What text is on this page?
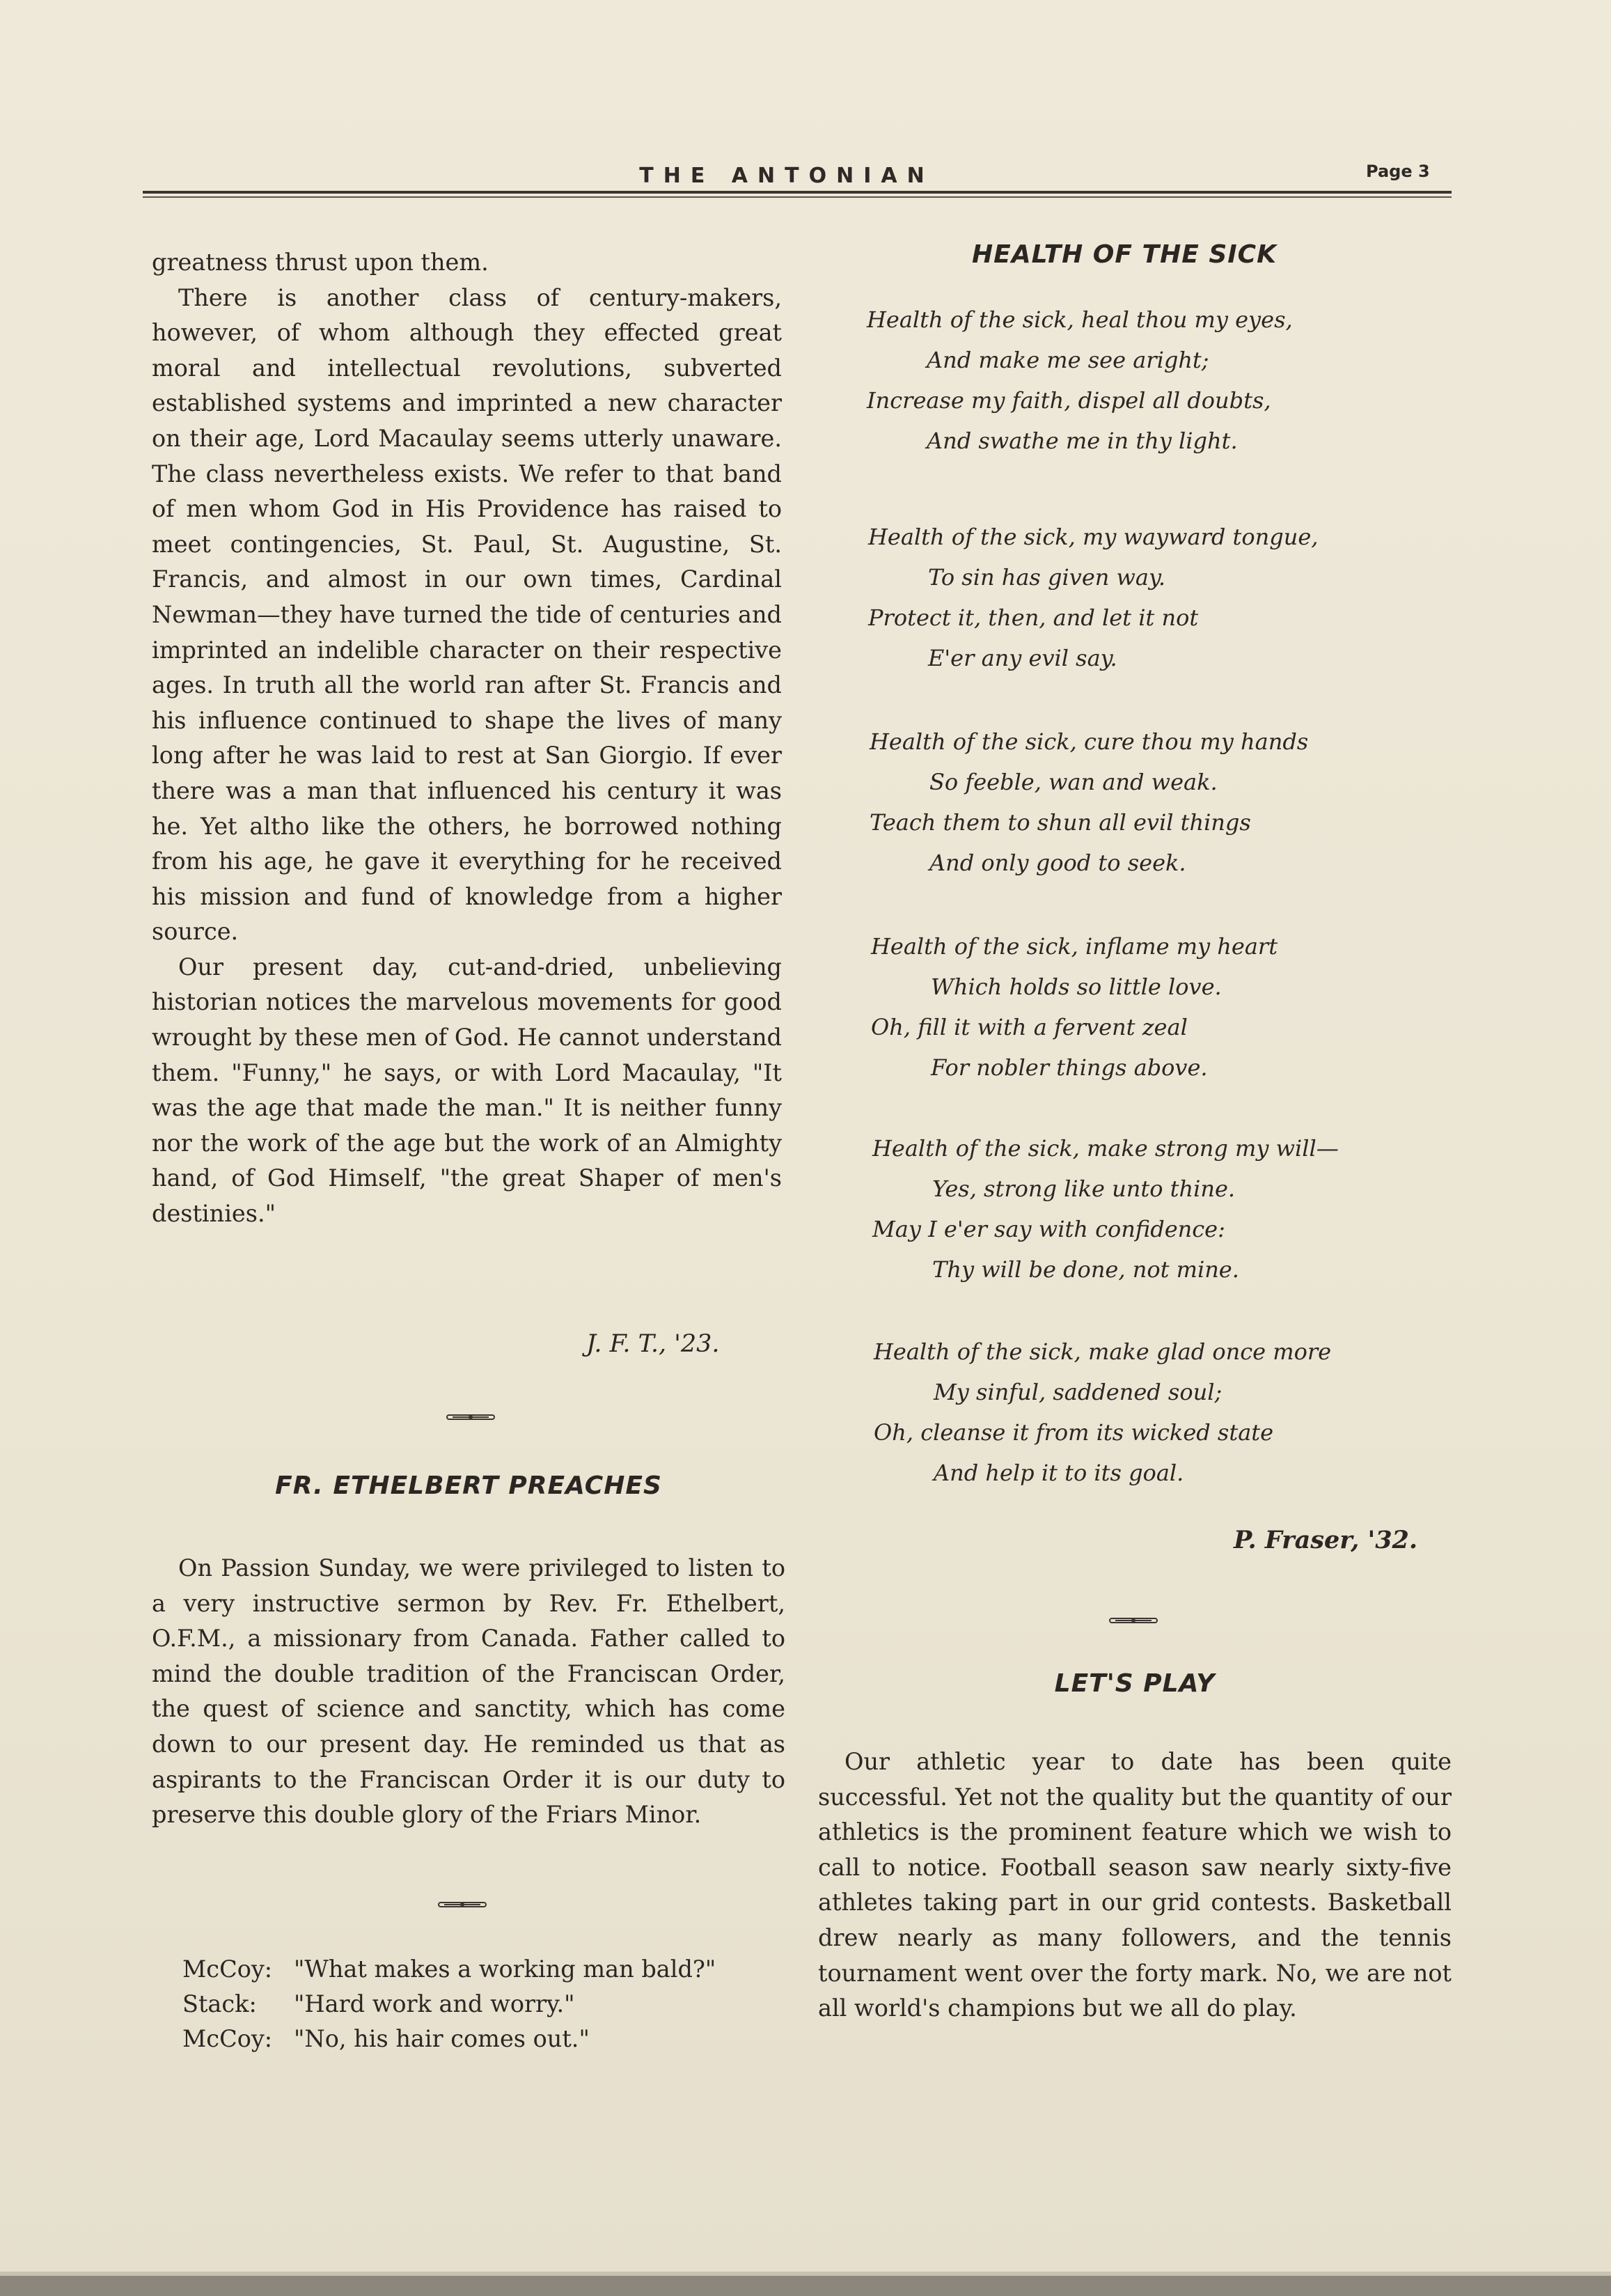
THE ANTONIAN	Page 3

greatness thrust upon them.

There is another class of century-makers, however, of whom although they effected great moral and intellectual revolutions, subverted established systems and imprinted a new character on their age, Lord Macaulay seems utterly unaware. The class nevertheless exists. We refer to that band of men whom God in His Providence has raised to meet contingencies, St. Paul, St. Augustine, St. Francis, and almost in our own times, Cardinal Newman—they have turned the tide of centuries and imprinted an indelible character on their respective ages. In truth all the world ran after St. Francis and his influence continued to shape the lives of many long after he was laid to rest at San Giorgio. If ever there was a man that influenced his century it was he. Yet altho like the others, he borrowed nothing from his age, he gave it everything for he received his mission and fund of knowledge from a higher source.

Our present day, cut-and-dried, unbelieving historian notices the marvelous movements for good wrought by these men of God. He cannot understand them. "Funny," he says, or with Lord Macaulay, "It was the age that made the man." It is neither funny nor the work of the age but the work of an Almighty hand, of God Himself, "the great Shaper of men's destinies."

J. F. T., '23.
FR. ETHELBERT PREACHES

On Passion Sunday, we were privileged to listen to a very instructive sermon by Rev. Fr. Ethelbert, O.F.M., a missionary from Canada. Father called to mind the double tradition of the Franciscan Order, the quest of science and sanctity, which has come down to our present day. He reminded us that as aspirants to the Franciscan Order it is our duty to preserve this double glory of the Friars Minor.

McCoy: "What makes a working man bald?"
Stack: "Hard work and worry."
McCoy: "No, his hair comes out."
HEALTH OF THE SICK
Health of the sick, heal thou my eyes,
And make me see aright;
Increase my faith, dispel all doubts,
And swathe me in thy light.
Health of the sick, my wayward tongue,
To sin has given way.
Protect it, then, and let it not
E'er any evil say.
Health of the sick, cure thou my hands
So feeble, wan and weak.
Teach them to shun all evil things
And only good to seek.
Health of the sick, inflame my heart
Which holds so little love.
Oh, fill it with a fervent zeal
For nobler things above.
Health of the sick, make strong my will—
Yes, strong like unto thine.
May I e'er say with confidence:
Thy will be done, not mine.
Health of the sick, make glad once more
My sinful, saddened soul;
Oh, cleanse it from its wicked state
And help it to its goal.
P. Fraser, '32.
LET'S PLAY

Our athletic year to date has been quite successful. Yet not the quality but the quantity of our athletics is the prominent feature which we wish to call to notice. Football season saw nearly sixty-five athletes taking part in our grid contests. Basketball drew nearly as many followers, and the tennis tournament went over the forty mark. No, we are not all world's champions but we all do play.
